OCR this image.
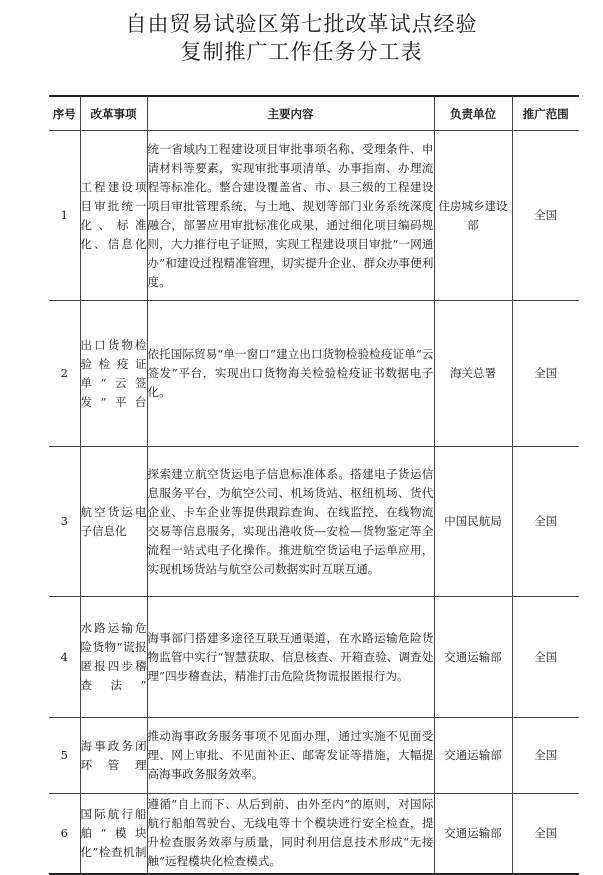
自由贸易试验区第七批改革试点经验
复制推广工作任务分工表
序号	改革事项	主要内容	负责单位	推广范围
1	工程建设项目审批统一化、标准化、信息化	统一省域内工程建设项目审批事项名称、受理条件、申请材料等要素，实现审批事项清单、办事指南、办理流程等标准化。整合建设覆盖省、市、县三级的工程建设项目审批管理系统，与土地、规划等部门业务系统深度融合，部署应用审批标准化成果，通过细化项目编码规则，大力推行电子证照，实现工程建设项目审批“一网通办”和建设过程精准管理，切实提升企业、群众办事便利度。	住房城乡建设部	全国
2	出口货物检验检疫证单“云签发”平台	依托国际贸易“单一窗口”建立出口货物检验检疫证单“云签发”平台，实现出口货物海关检验检疫证书数据电子化。	海关总署	全国
3	航空货运电子信息化	探索建立航空货运电子信息标准体系。搭建电子货运信息服务平台，为航空公司、机场货站、枢纽机场、货代企业、卡车企业等提供跟踪查询、在线监控、在线物流交易等信息服务，实现出港收货—安检—货物鉴定等全流程一站式电子化操作。推进航空货运电子运单应用，实现机场货站与航空公司数据实时互联互通。	中国民航局	全国
4	水路运输危险货物“谎报匿报四步稽查法”	海事部门搭建多途径互联互通渠道，在水路运输危险货物监管中实行“智慧获取、信息核查、开箱查验、调查处理”四步稽查法，精准打击危险货物谎报匿报行为。	交通运输部	全国
5	海事政务闭环管理	推动海事政务服务事项不见面办理，通过实施不见面受理、网上审批、不见面补正、邮寄发证等措施，大幅提高海事政务服务效率。	交通运输部	全国
6	国际航行船舶“模块化”检查机制	遵循“自上而下、从后到前、由外至内”的原则，对国际航行船舶驾驶台、无线电等十个模块进行安全检查，提升检查服务效率与质量，同时利用信息技术形成“无接触”远程模块化检查模式。	交通运输部	全国
